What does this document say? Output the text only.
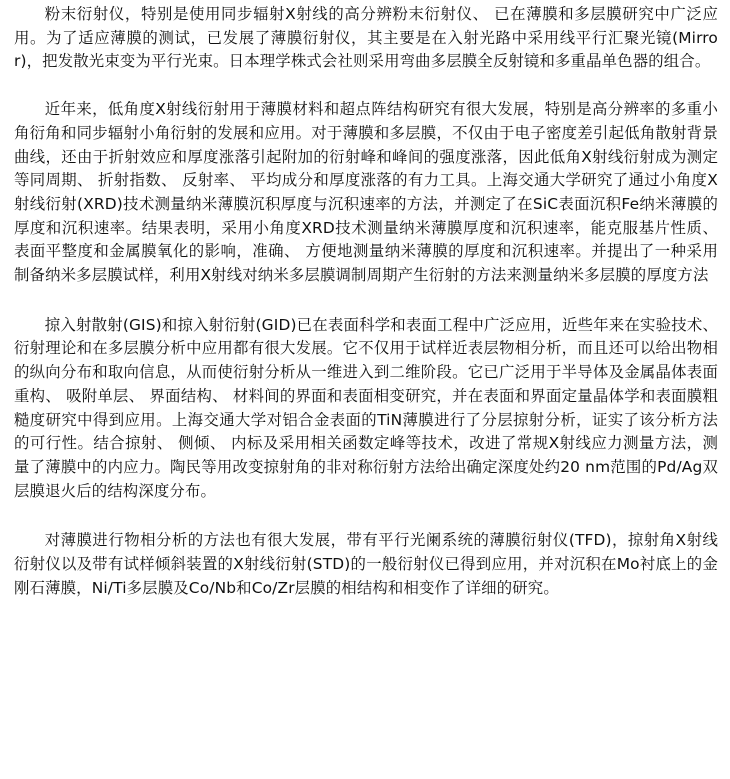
粉末衍射仪，特别是使用同步辐射X射线的高分辨粉末衍射仪、 已在薄膜和多层膜研究中广泛应用。为了适应薄膜的测试，已发展了薄膜衍射仪，其主要是在入射光路中采用线平行汇聚光镜(Mirror)，把发散光束变为平行光束。日本理学株式会社则采用弯曲多层膜全反射镜和多重晶单色器的组合。

近年来，低角度X射线衍射用于薄膜材料和超点阵结构研究有很大发展，特别是高分辨率的多重小角衍角和同步辐射小角衍射的发展和应用。对于薄膜和多层膜，不仅由于电子密度差引起低角散射背景曲线，还由于折射效应和厚度涨落引起附加的衍射峰和峰间的强度涨落，因此低角X射线衍射成为测定等同周期、 折射指数、 反射率、 平均成分和厚度涨落的有力工具。上海交通大学研究了通过小角度X射线衍射(XRD)技术测量纳米薄膜沉积厚度与沉积速率的方法，并测定了在SiC表面沉积Fe纳米薄膜的厚度和沉积速率。结果表明，采用小角度XRD技术测量纳米薄膜厚度和沉积速率，能克服基片性质、 表面平整度和金属膜氧化的影响，准确、 方便地测量纳米薄膜的厚度和沉积速率。并提出了一种采用制备纳米多层膜试样，利用X射线对纳米多层膜调制周期产生衍射的方法来测量纳米多层膜的厚度方法

掠入射散射(GIS)和掠入射衍射(GID)已在表面科学和表面工程中广泛应用，近些年来在实验技术、 衍射理论和在多层膜分析中应用都有很大发展。它不仅用于试样近表层物相分析，而且还可以给出物相的纵向分布和取向信息，从而使衍射分析从一维进入到二维阶段。它已广泛用于半导体及金属晶体表面重构、 吸附单层、 界面结构、 材料间的界面和表面相变研究，并在表面和界面定量晶体学和表面膜粗糙度研究中得到应用。上海交通大学对铝合金表面的TiN薄膜进行了分层掠射分析，证实了该分析方法的可行性。结合掠射、 侧倾、 内标及采用相关函数定峰等技术，改进了常规X射线应力测量方法，测量了薄膜中的内应力。陶民等用改变掠射角的非对称衍射方法给出确定深度处约20 nm范围的Pd/Ag双层膜退火后的结构深度分布。

对薄膜进行物相分析的方法也有很大发展，带有平行光阑系统的薄膜衍射仪(TFD)，掠射角X射线衍射仪以及带有试样倾斜装置的X射线衍射(STD)的一般衍射仪已得到应用，并对沉积在Mo衬底上的金刚石薄膜，Ni/Ti多层膜及Co/Nb和Co/Zr层膜的相结构和相变作了详细的研究。
